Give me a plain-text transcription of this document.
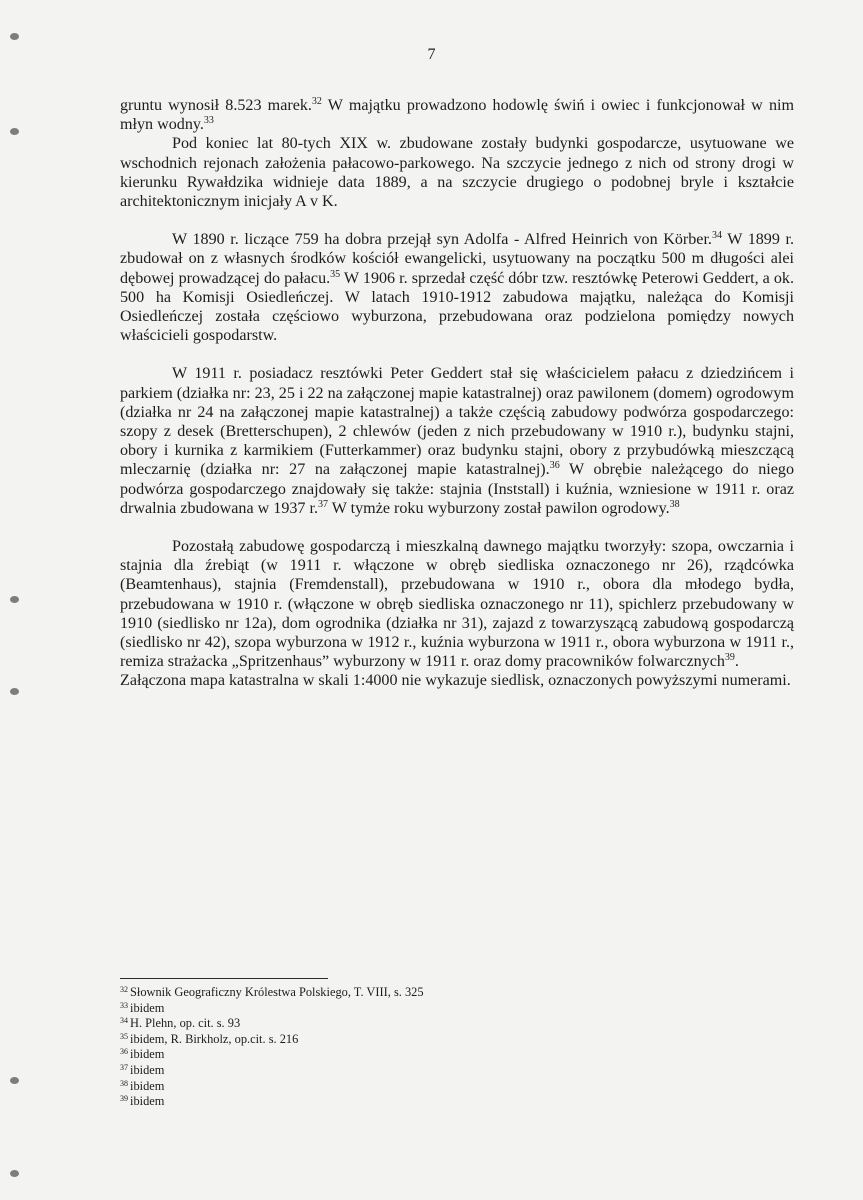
7

gruntu wynosił 8.523 marek.$^{32}$ W majątku prowadzono hodowlę świń i owiec i funkcjonował w nim młyn wodny.$^{33}$

Pod koniec lat 80-tych XIX w. zbudowane zostały budynki gospodarcze, usytuowane we wschodnich rejonach założenia pałacowo-parkowego. Na szczycie jednego z nich od strony drogi w kierunku Rywałdzika widnieje data 1889, a na szczycie drugiego o podobnej bryle i kształcie architektonicznym inicjały A v K.

W 1890 r. liczące 759 ha dobra przejął syn Adolfa - Alfred Heinrich von Körber.$^{34}$ W 1899 r. zbudował on z własnych środków kościół ewangelicki, usytuowany na początku 500 m długości alei dębowej prowadzącej do pałacu.$^{35}$ W 1906 r. sprzedał część dóbr tzw. resztówkę Peterowi Geddert, a ok. 500 ha Komisji Osiedleńczej. W latach 1910-1912 zabudowa majątku, należąca do Komisji Osiedleńczej została częściowo wyburzona, przebudowana oraz podzielona pomiędzy nowych właścicieli gospodarstw.

W 1911 r. posiadacz resztówki Peter Geddert stał się właścicielem pałacu z dziedzińcem i parkiem (działka nr: 23, 25 i 22 na załączonej mapie katastralnej) oraz pawilonem (domem) ogrodowym (działka nr 24 na załączonej mapie katastralnej) a także częścią zabudowy podwórza gospodarczego: szopy z desek (Bretterschupen), 2 chlewów (jeden z nich przebudowany w 1910 r.), budynku stajni, obory i kurnika z karmikiem (Futterkammer) oraz budynku stajni, obory z przybudówką mieszczącą mleczarnię (działka nr: 27 na załączonej mapie katastralnej).$^{36}$ W obrębie należącego do niego podwórza gospodarczego znajdowały się także: stajnia (Inststall) i kuźnia, wzniesione w 1911 r. oraz drwalnia zbudowana w 1937 r.$^{37}$ W tymże roku wyburzony został pawilon ogrodowy.$^{38}$

Pozostałą zabudowę gospodarczą i mieszkalną dawnego majątku tworzyły: szopa, owczarnia i stajnia dla źrebiąt (w 1911 r. włączone w obręb siedliska oznaczonego nr 26), rządcówka (Beamtenhaus), stajnia (Fremdenstall), przebudowana w 1910 r., obora dla młodego bydła, przebudowana w 1910 r. (włączone w obręb siedliska oznaczonego nr 11), spichlerz przebudowany w 1910 (siedlisko nr 12a), dom ogrodnika (działka nr 31), zajazd z towarzyszącą zabudową gospodarczą (siedlisko nr 42), szopa wyburzona w 1912 r., kuźnia wyburzona w 1911 r., obora wyburzona w 1911 r., remiza strażacka „Spritzenhaus” wyburzony w 1911 r. oraz domy pracowników folwarcznych$^{39}$.

Załączona mapa katastralna w skali 1:4000 nie wykazuje siedlisk, oznaczonych powyższymi numerami.

$^{32}$ Słownik Geograficzny Królestwa Polskiego, T. VIII, s. 325
$^{33}$ ibidem
$^{34}$ H. Plehn, op. cit. s. 93
$^{35}$ ibidem, R. Birkholz, op.cit. s. 216
$^{36}$ ibidem
$^{37}$ ibidem
$^{38}$ ibidem
$^{39}$ ibidem
